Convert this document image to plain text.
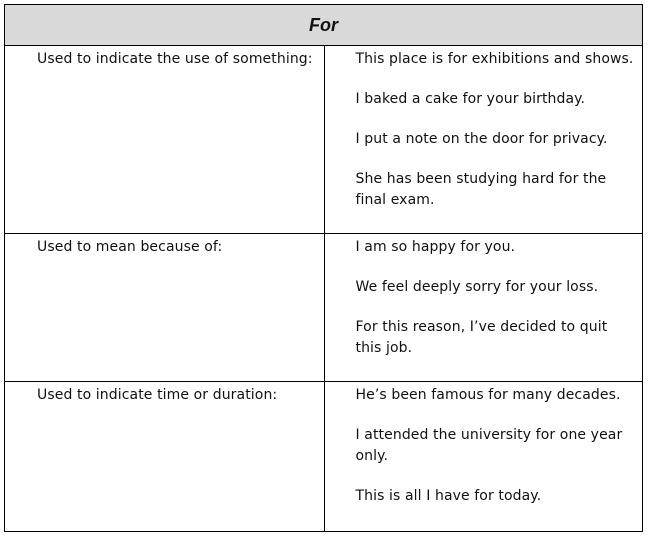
For	

Used to indicate the use of something:	This place is for exhibitions and shows.
I baked a cake for your birthday.
I put a note on the door for privacy.
She has been studying hard for the final exam.

Used to mean because of:	I am so happy for you.
We feel deeply sorry for your loss.
For this reason, I’ve decided to quit this job.

Used to indicate time or duration:	He’s been famous for many decades.
I attended the university for one year only.
This is all I have for today.
